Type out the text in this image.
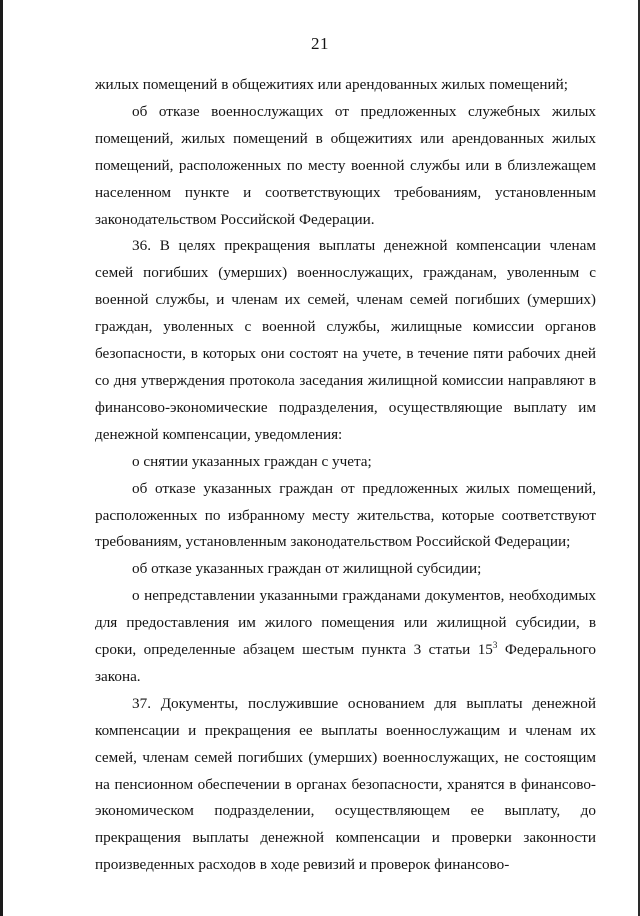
21

жилых помещений в общежитиях или арендованных жилых помещений;

об отказе военнослужащих от предложенных служебных жилых помещений, жилых помещений в общежитиях или арендованных жилых помещений, расположенных по месту военной службы или в близлежащем населенном пункте и соответствующих требованиям, установленным законодательством Российской Федерации.

36. В целях прекращения выплаты денежной компенсации членам семей погибших (умерших) военнослужащих, гражданам, уволенным с военной службы, и членам их семей, членам семей погибших (умерших) граждан, уволенных с военной службы, жилищные комиссии органов безопасности, в которых они состоят на учете, в течение пяти рабочих дней со дня утверждения протокола заседания жилищной комиссии направляют в финансово-экономические подразделения, осуществляющие выплату им денежной компенсации, уведомления:

о снятии указанных граждан с учета;

об отказе указанных граждан от предложенных жилых помещений, расположенных по избранному месту жительства, которые соответствуют требованиям, установленным законодательством Российской Федерации;

об отказе указанных граждан от жилищной субсидии;

о непредставлении указанными гражданами документов, необходимых для предоставления им жилого помещения или жилищной субсидии, в сроки, определенные абзацем шестым пункта 3 статьи $15^3$ Федерального закона.

37. Документы, послужившие основанием для выплаты денежной компенсации и прекращения ее выплаты военнослужащим и членам их семей, членам семей погибших (умерших) военнослужащих, не состоящим на пенсионном обеспечении в органах безопасности, хранятся в финансово-экономическом подразделении, осуществляющем ее выплату, до прекращения выплаты денежной компенсации и проверки законности произведенных расходов в ходе ревизий и проверок финансово-
